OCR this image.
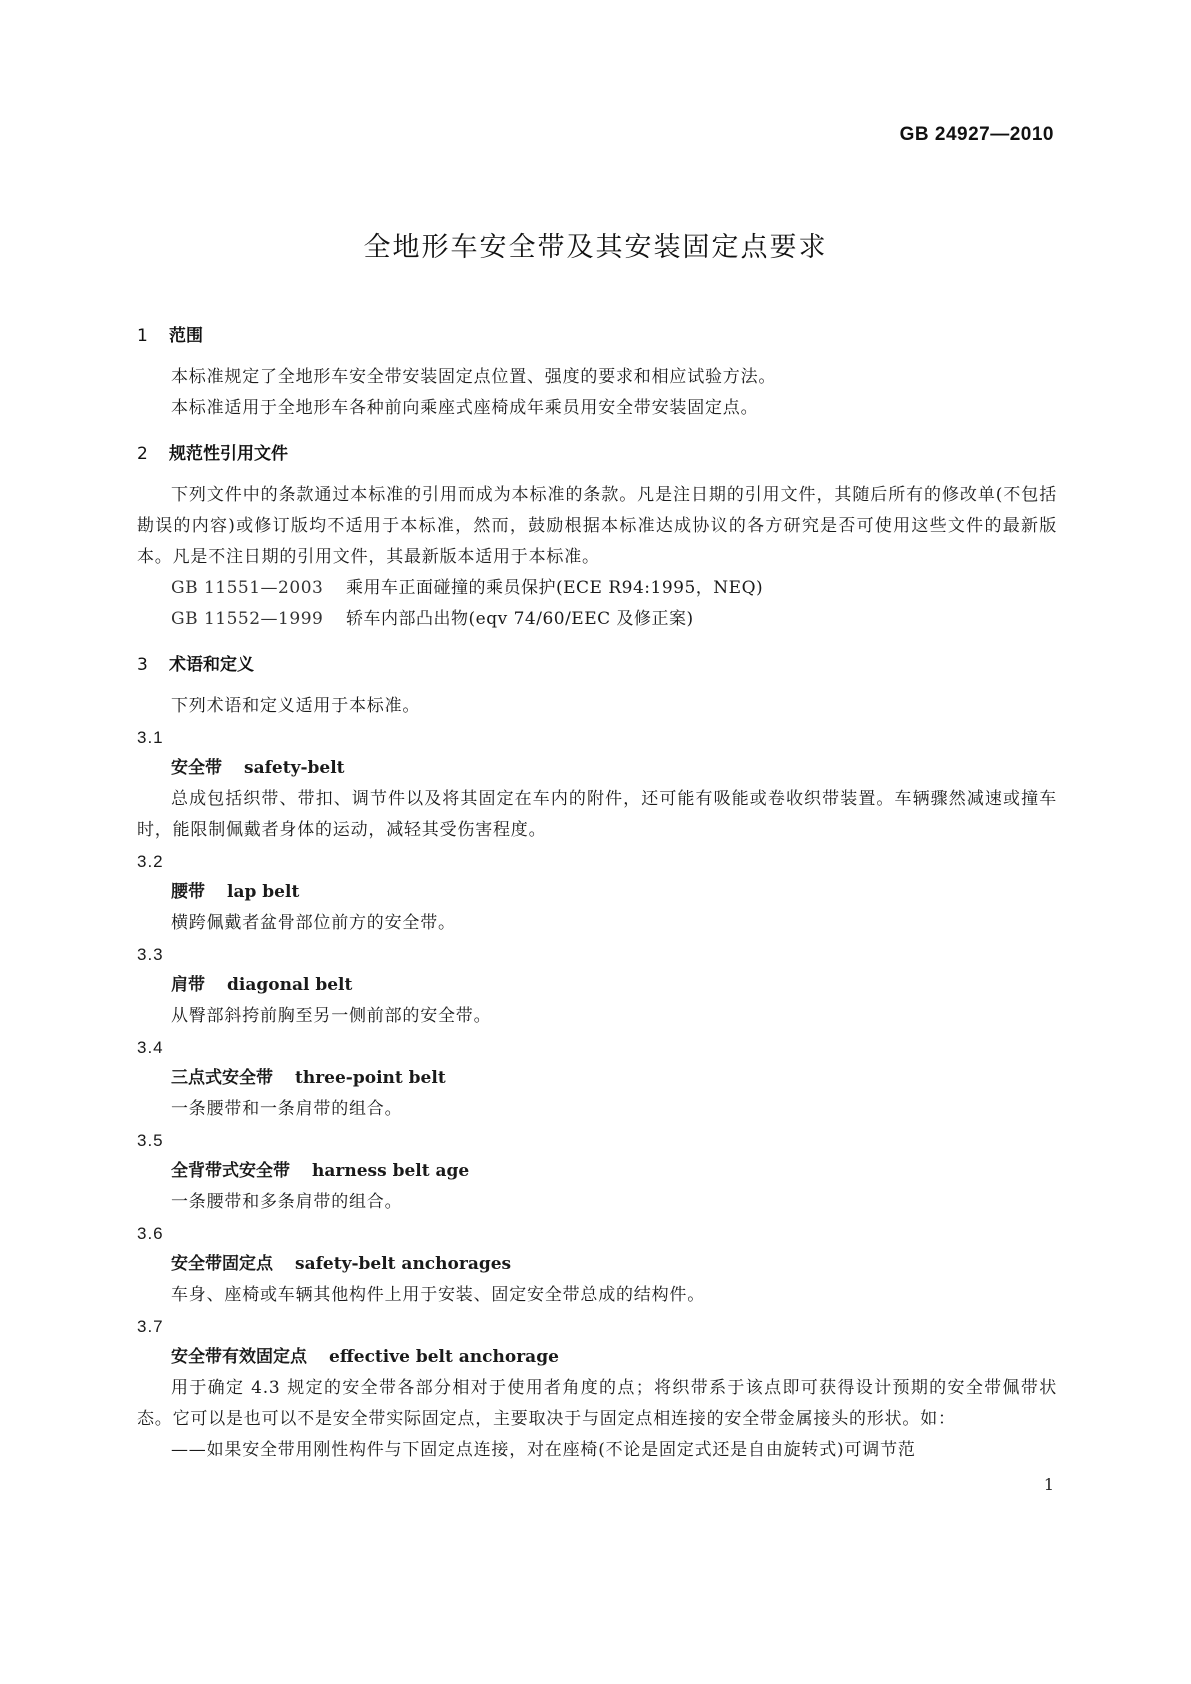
GB 24927—2010
全地形车安全带及其安装固定点要求
1 范围
本标准规定了全地形车安全带安装固定点位置、强度的要求和相应试验方法。
本标准适用于全地形车各种前向乘座式座椅成年乘员用安全带安装固定点。
2 规范性引用文件
下列文件中的条款通过本标准的引用而成为本标准的条款。凡是注日期的引用文件，其随后所有的修改单(不包括勘误的内容)或修订版均不适用于本标准，然而，鼓励根据本标准达成协议的各方研究是否可使用这些文件的最新版本。凡是不注日期的引用文件，其最新版本适用于本标准。
GB 11551—2003 乘用车正面碰撞的乘员保护(ECE R94:1995，NEQ)
GB 11552—1999 轿车内部凸出物(eqv 74/60/EEC 及修正案)
3 术语和定义
下列术语和定义适用于本标准。
3.1
安全带 safety-belt
总成包括织带、带扣、调节件以及将其固定在车内的附件，还可能有吸能或卷收织带装置。车辆骤然减速或撞车时，能限制佩戴者身体的运动，减轻其受伤害程度。
3.2
腰带 lap belt
横跨佩戴者盆骨部位前方的安全带。
3.3
肩带 diagonal belt
从臀部斜挎前胸至另一侧前部的安全带。
3.4
三点式安全带 three-point belt
一条腰带和一条肩带的组合。
3.5
全背带式安全带 harness belt age
一条腰带和多条肩带的组合。
3.6
安全带固定点 safety-belt anchorages
车身、座椅或车辆其他构件上用于安装、固定安全带总成的结构件。
3.7
安全带有效固定点 effective belt anchorage
用于确定 4.3 规定的安全带各部分相对于使用者角度的点；将织带系于该点即可获得设计预期的安全带佩带状态。它可以是也可以不是安全带实际固定点，主要取决于与固定点相连接的安全带金属接头的形状。如：
——如果安全带用刚性构件与下固定点连接，对在座椅(不论是固定式还是自由旋转式)可调节范
1
